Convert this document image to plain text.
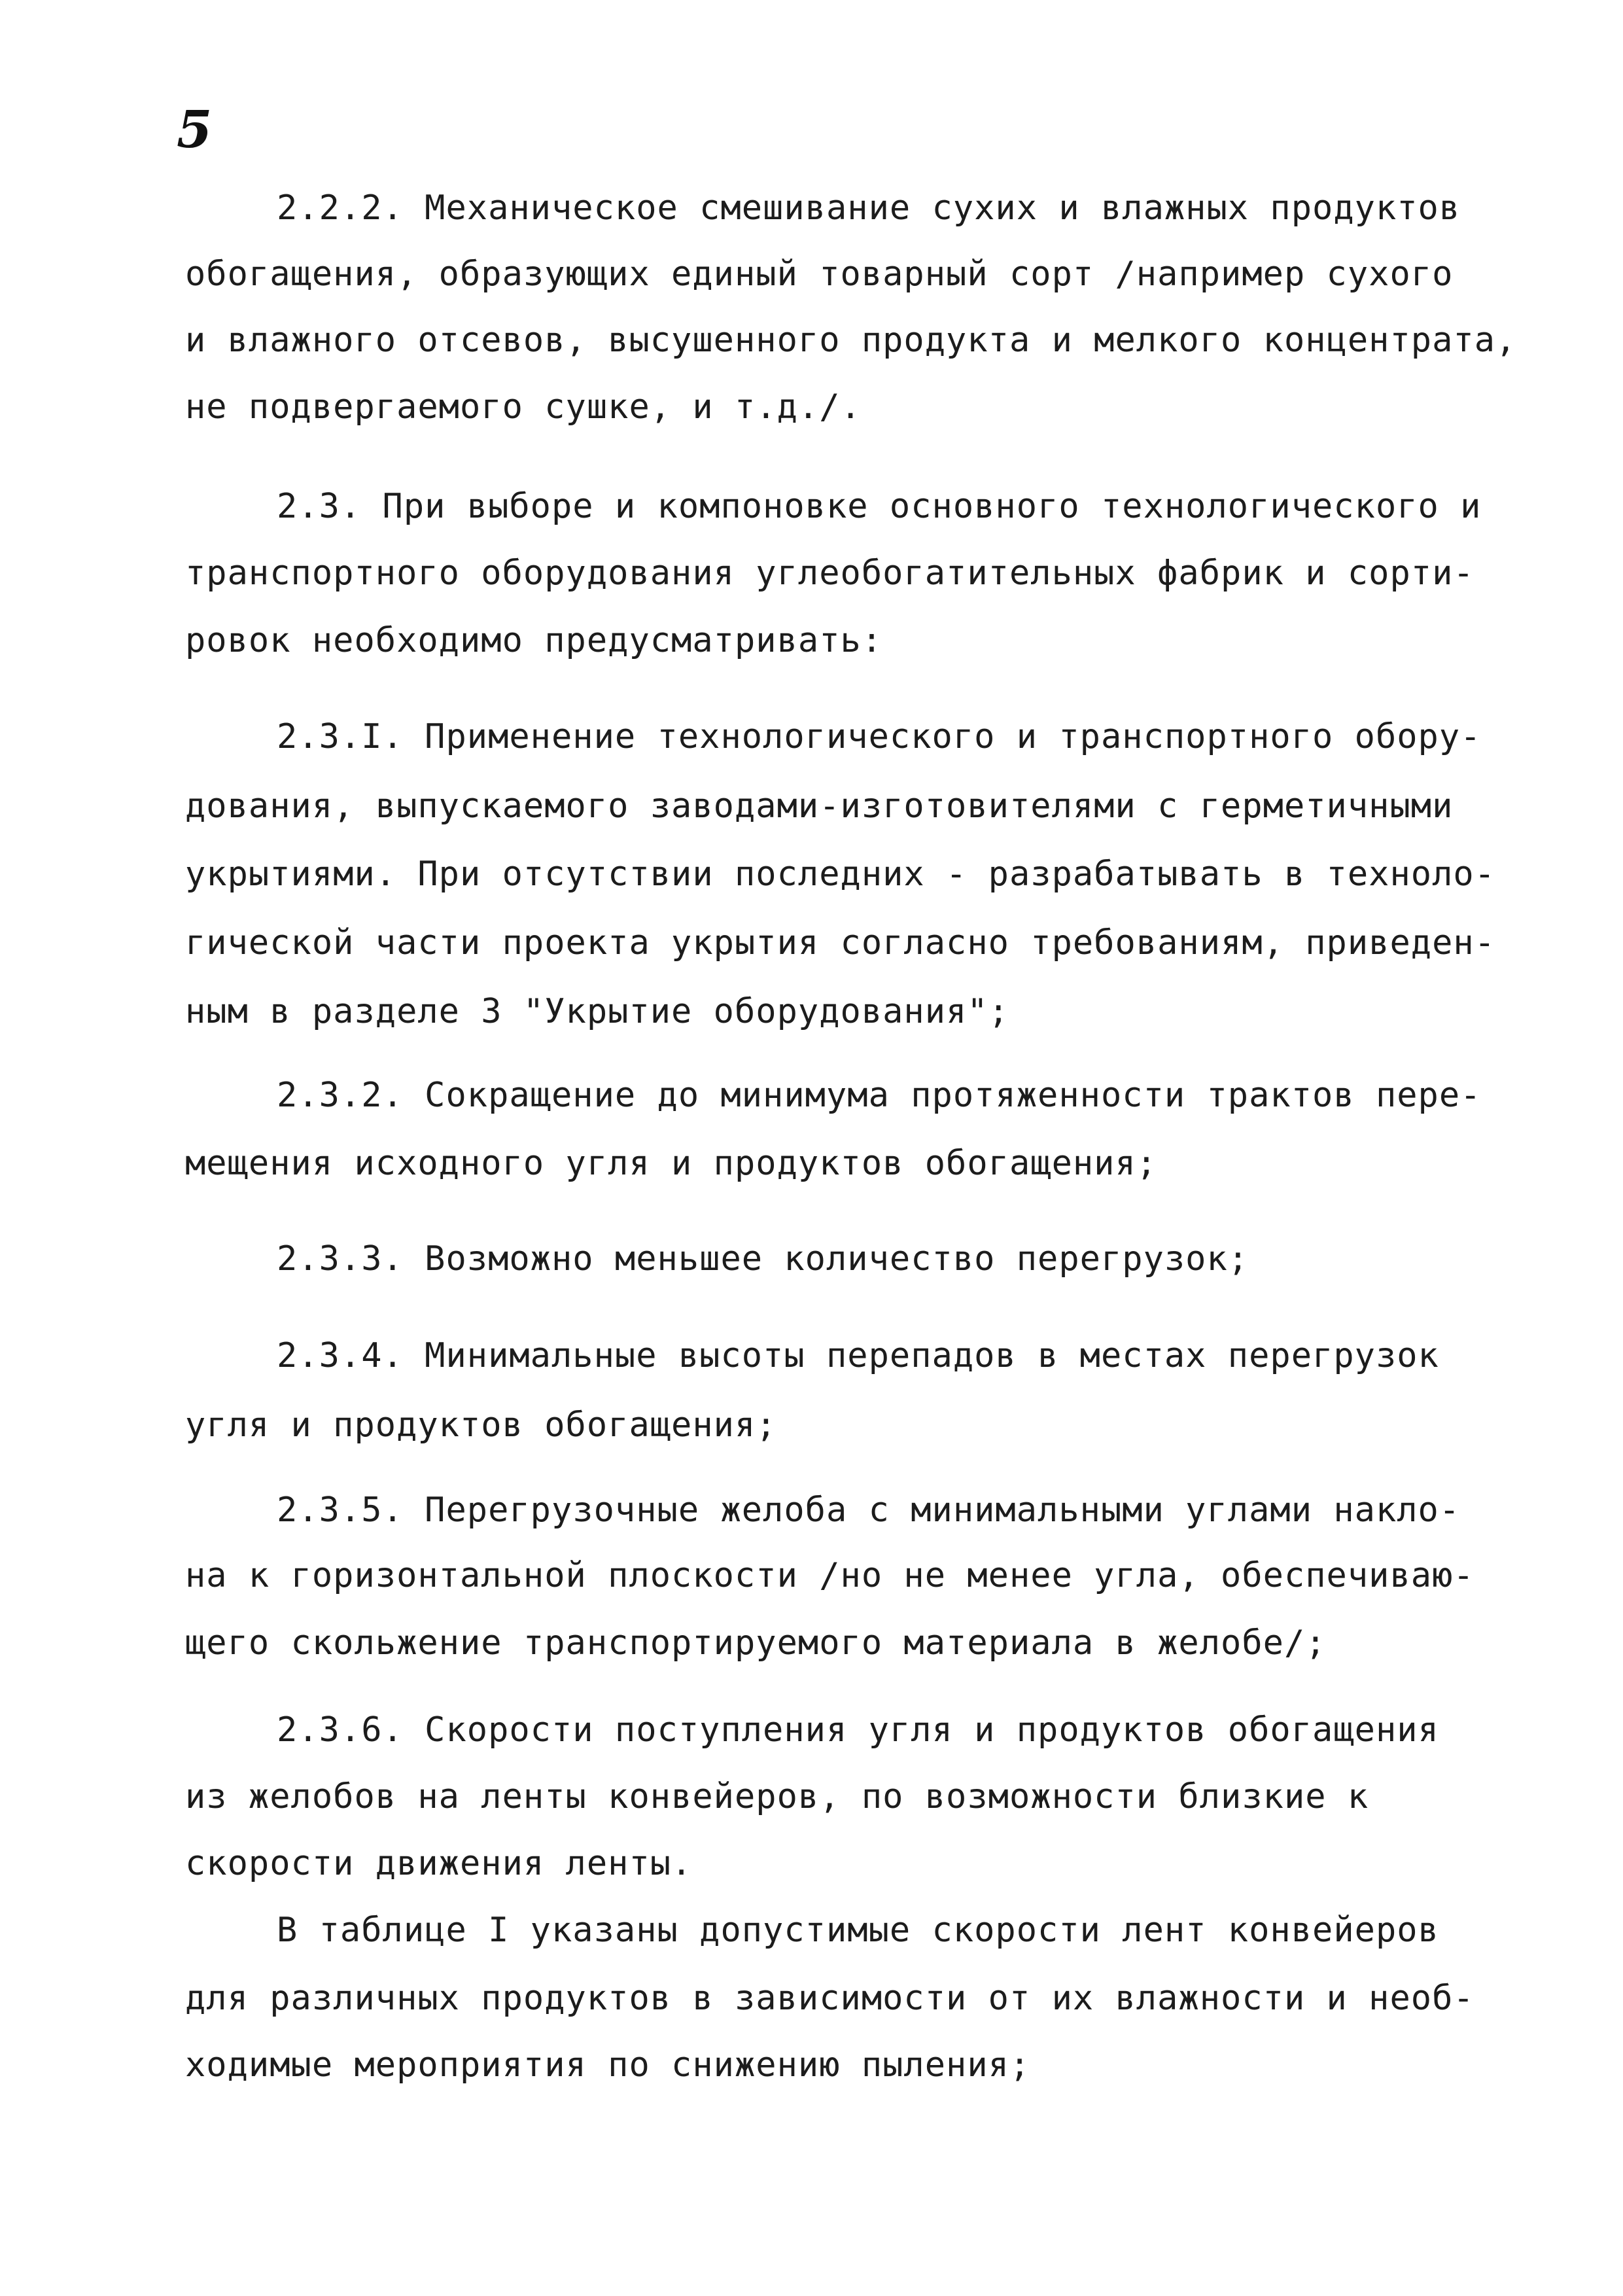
5
2.2.2. Механическое смешивание сухих и влажных продуктов
обогащения, образующих единый товарный сорт /например сухого
и влажного отсевов, высушенного продукта и мелкого концентрата,
не подвергаемого сушке, и т.д./.
2.3. При выборе и компоновке основного технологического и
транспортного оборудования углеобогатительных фабрик и сорти-
ровок необходимо предусматривать:
2.3.I. Применение технологического и транспортного обору-
дования, выпускаемого заводами-изготовителями с герметичными
укрытиями. При отсутствии последних - разрабатывать в техноло-
гической части проекта укрытия согласно требованиям, приведен-
ным в разделе 3 "Укрытие оборудования";
2.3.2. Сокращение до минимума протяженности трактов пере-
мещения исходного угля и продуктов обогащения;
2.3.3. Возможно меньшее количество перегрузок;
2.3.4. Минимальные высоты перепадов в местах перегрузок
угля и продуктов обогащения;
2.3.5. Перегрузочные желоба с минимальными углами накло-
на к горизонтальной плоскости /но не менее угла, обеспечиваю-
щего скольжение транспортируемого материала в желобе/;
2.3.6. Скорости поступления угля и продуктов обогащения
из желобов на ленты конвейеров, по возможности близкие к
скорости движения ленты.
В таблице I указаны допустимые скорости лент конвейеров
для различных продуктов в зависимости от их влажности и необ-
ходимые мероприятия по снижению пыления;
